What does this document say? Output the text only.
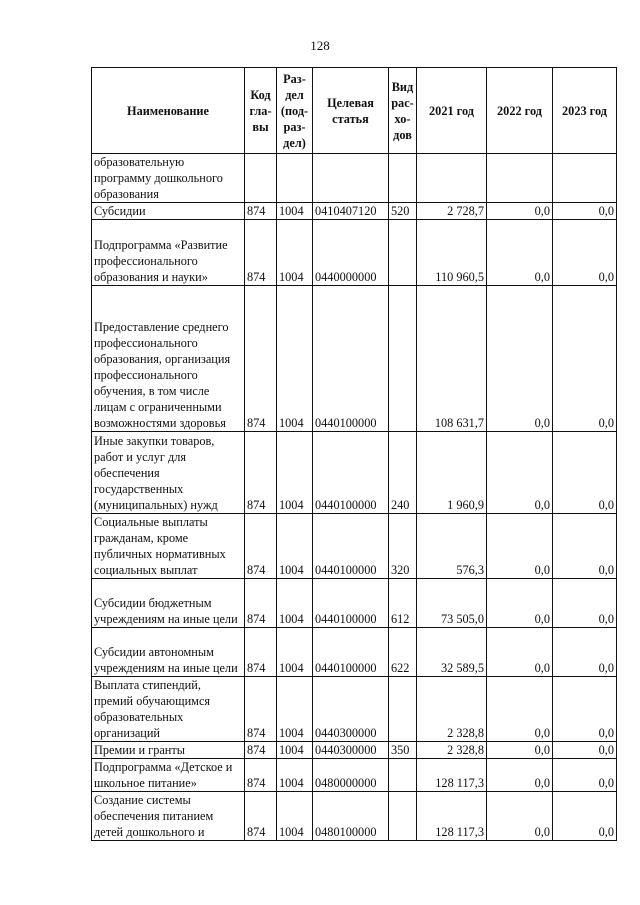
128
Наименование	Код гла-вы	Раз-дел (под-раз-дел)	Целевая статья	Вид рас-хо-дов	2021 год	2022 год	2023 год
образовательную программу дошкольного образования							
Субсидии	874	1004	0410407120	520	2 728,7	0,0	0,0
Подпрограмма «Развитие профессионального образования и науки»	874	1004	0440000000		110 960,5	0,0	0,0
Предоставление среднего профессионального образования, организация профессионального обучения, в том числе лицам с ограниченными возможностями здоровья	874	1004	0440100000		108 631,7	0,0	0,0
Иные закупки товаров, работ и услуг для обеспечения государственных (муниципальных) нужд	874	1004	0440100000	240	1 960,9	0,0	0,0
Социальные выплаты гражданам, кроме публичных нормативных социальных выплат	874	1004	0440100000	320	576,3	0,0	0,0
Субсидии бюджетным учреждениям на иные цели	874	1004	0440100000	612	73 505,0	0,0	0,0
Субсидии автономным учреждениям на иные цели	874	1004	0440100000	622	32 589,5	0,0	0,0
Выплата стипендий, премий обучающимся образовательных организаций	874	1004	0440300000		2 328,8	0,0	0,0
Премии и гранты	874	1004	0440300000	350	2 328,8	0,0	0,0
Подпрограмма «Детское и школьное питание»	874	1004	0480000000		128 117,3	0,0	0,0
Создание системы обеспечения питанием детей дошкольного и	874	1004	0480100000		128 117,3	0,0	0,0
